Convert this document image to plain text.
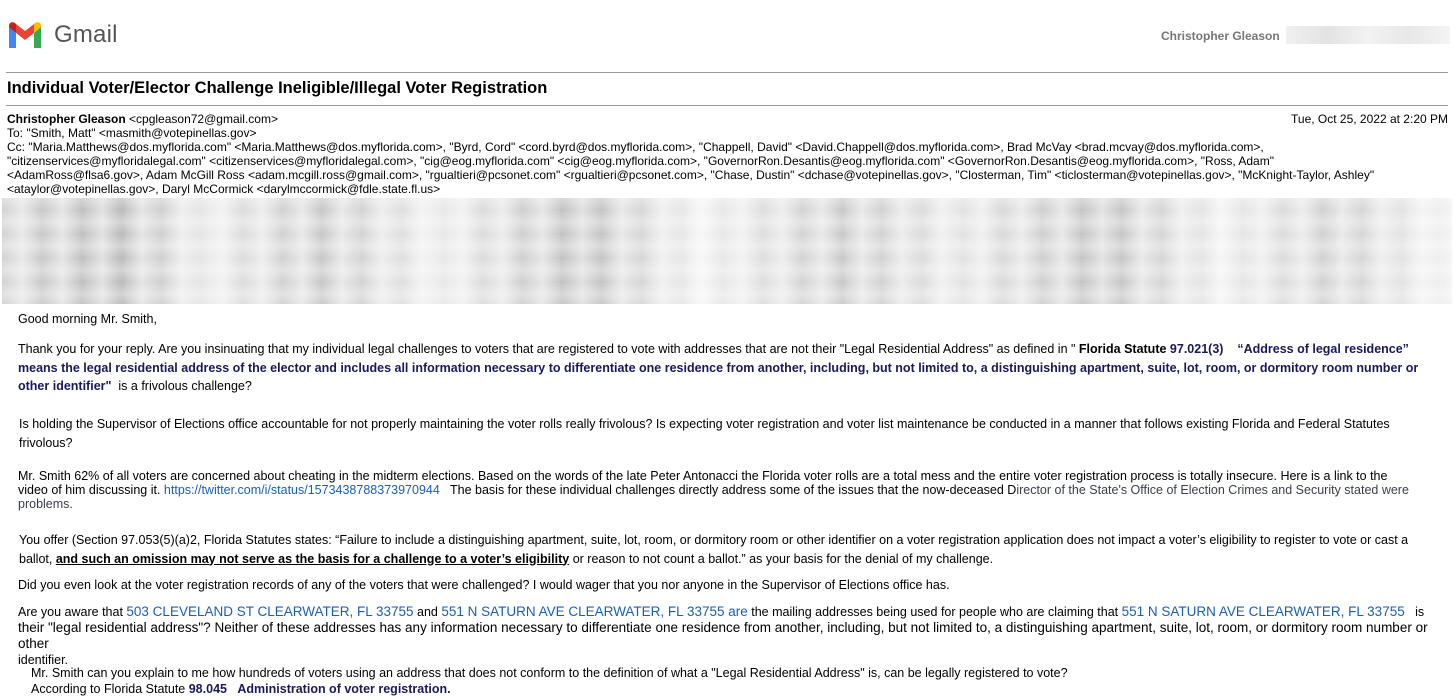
Gmail	Christopher Gleason
Individual Voter/Elector Challenge Ineligible/Illegal Voter Registration
Christopher Gleason <cpgleason72@gmail.com>	Tue, Oct 25, 2022 at 2:20 PM
To: "Smith, Matt" <masmith@votepinellas.gov>
Cc: "Maria.Matthews@dos.myflorida.com" <Maria.Matthews@dos.myflorida.com>, "Byrd, Cord" <cord.byrd@dos.myflorida.com>, "Chappell, David" <David.Chappell@dos.myflorida.com>, Brad McVay <brad.mcvay@dos.myflorida.com>,
"citizenservices@myfloridalegal.com" <citizenservices@myfloridalegal.com>, "cig@eog.myflorida.com" <cig@eog.myflorida.com>, "GovernorRon.Desantis@eog.myflorida.com" <GovernorRon.Desantis@eog.myflorida.com>, "Ross, Adam"
<AdamRoss@flsa6.gov>, Adam McGill Ross <adam.mcgill.ross@gmail.com>, "rgualtieri@pcsonet.com" <rgualtieri@pcsonet.com>, "Chase, Dustin" <dchase@votepinellas.gov>, "Closterman, Tim" <ticlosterman@votepinellas.gov>, "McKnight-Taylor, Ashley"
<ataylor@votepinellas.gov>, Daryl McCormick <darylmccormick@fdle.state.fl.us>
Good morning Mr. Smith,
Thank you for your reply. Are you insinuating that my individual legal challenges to voters that are registered to vote with addresses that are not their "Legal Residential Address" as defined in " Florida Statute 97.021(3) “Address of legal residence”
means the legal residential address of the elector and includes all information necessary to differentiate one residence from another, including, but not limited to, a distinguishing apartment, suite, lot, room, or dormitory room number or
other identifier" is a frivolous challenge?
Is holding the Supervisor of Elections office accountable for not properly maintaining the voter rolls really frivolous? Is expecting voter registration and voter list maintenance be conducted in a manner that follows existing Florida and Federal Statutes
frivolous?
Mr. Smith 62% of all voters are concerned about cheating in the midterm elections. Based on the words of the late Peter Antonacci the Florida voter rolls are a total mess and the entire voter registration process is totally insecure. Here is a link to the
video of him discussing it. https://twitter.com/i/status/1573438788373970944 The basis for these individual challenges directly address some of the issues that the now-deceased Director of the State's Office of Election Crimes and Security stated were
problems.
You offer (Section 97.053(5)(a)2, Florida Statutes states: “Failure to include a distinguishing apartment, suite, lot, room, or dormitory room or other identifier on a voter registration application does not impact a voter’s eligibility to register to vote or cast a
ballot, and such an omission may not serve as the basis for a challenge to a voter’s eligibility or reason to not count a ballot.” as your basis for the denial of my challenge.
Did you even look at the voter registration records of any of the voters that were challenged? I would wager that you nor anyone in the Supervisor of Elections office has.
Are you aware that 503 CLEVELAND ST CLEARWATER, FL 33755 and 551 N SATURN AVE CLEARWATER, FL 33755 are the mailing addresses being used for people who are claiming that 551 N SATURN AVE CLEARWATER, FL 33755 is
their "legal residential address"? Neither of these addresses has any information necessary to differentiate one residence from another, including, but not limited to, a distinguishing apartment, suite, lot, room, or dormitory room number or other
identifier.
Mr. Smith can you explain to me how hundreds of voters using an address that does not conform to the definition of what a "Legal Residential Address" is, can be legally registered to vote?
According to Florida Statute 98.045 Administration of voter registration.
